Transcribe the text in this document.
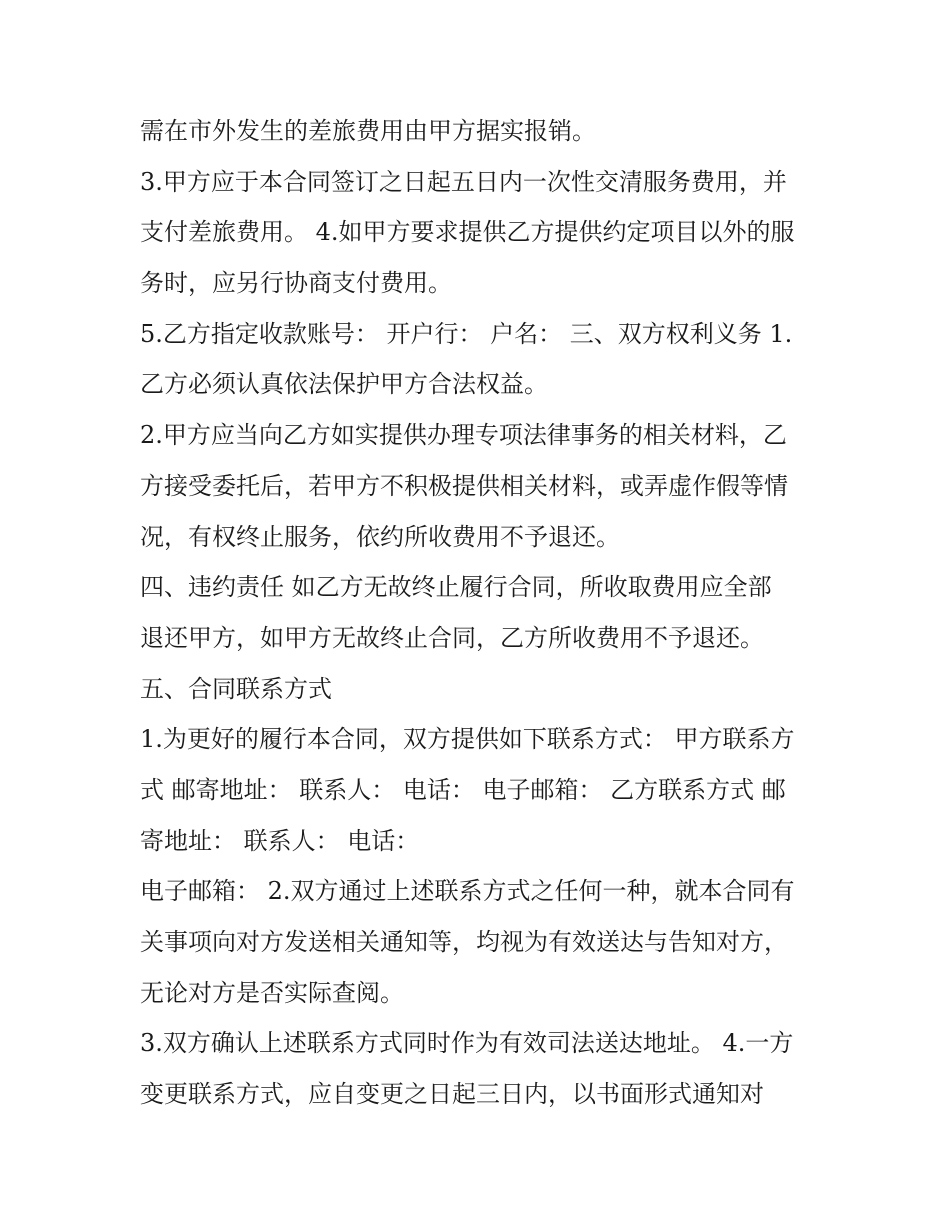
需在市外发生的差旅费用由甲方据实报销。
3.甲方应于本合同签订之日起五日内一次性交清服务费用，并
支付差旅费用。 4.如甲方要求提供乙方提供约定项目以外的服
务时，应另行协商支付费用。
5.乙方指定收款账号： 开户行： 户名： 三、双方权利义务 1.
乙方必须认真依法保护甲方合法权益。
2.甲方应当向乙方如实提供办理专项法律事务的相关材料，乙
方接受委托后，若甲方不积极提供相关材料，或弄虚作假等情
况，有权终止服务，依约所收费用不予退还。
四、违约责任 如乙方无故终止履行合同，所收取费用应全部
退还甲方，如甲方无故终止合同，乙方所收费用不予退还。
五、合同联系方式
1.为更好的履行本合同，双方提供如下联系方式： 甲方联系方
式 邮寄地址： 联系人： 电话： 电子邮箱： 乙方联系方式 邮
寄地址： 联系人： 电话：
电子邮箱： 2.双方通过上述联系方式之任何一种，就本合同有
关事项向对方发送相关通知等，均视为有效送达与告知对方，
无论对方是否实际查阅。
3.双方确认上述联系方式同时作为有效司法送达地址。 4.一方
变更联系方式，应自变更之日起三日内，以书面形式通知对
